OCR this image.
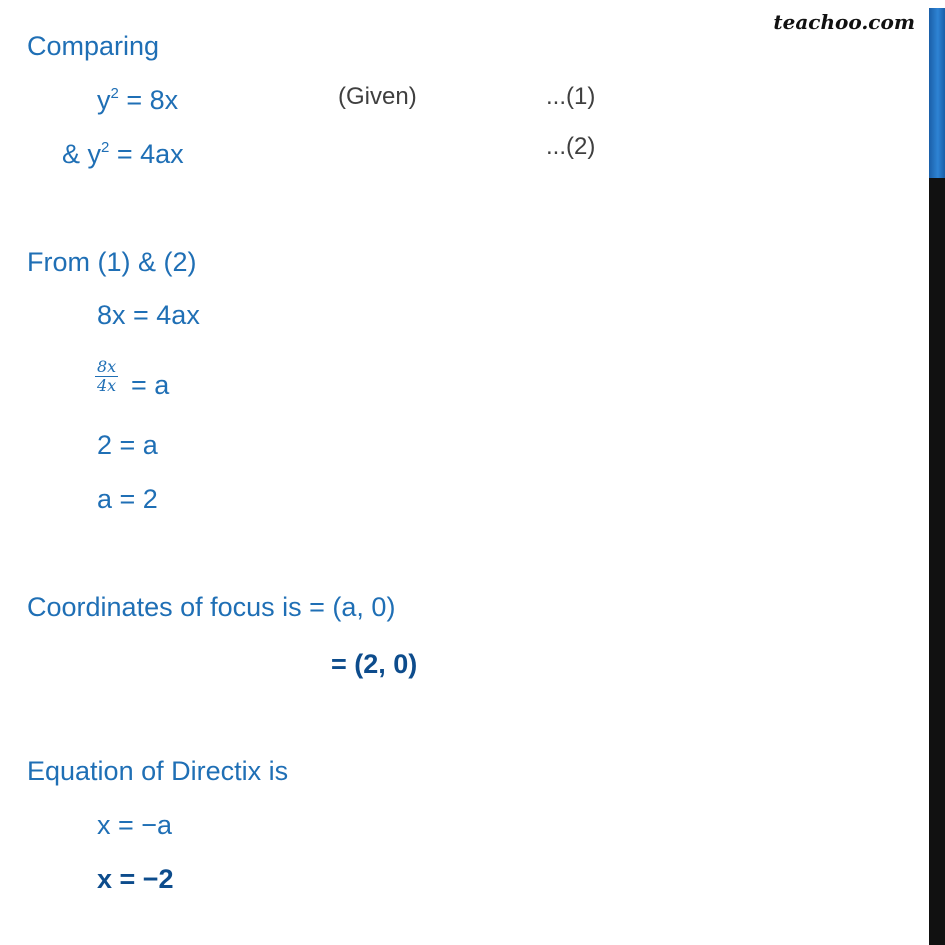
teachoo.com
Comparing
$y^2 = 8x$	(Given)	...(1)
& $y^2 = 4ax$	...(2)
From (1) & (2)
8x = 4ax
$\frac{8x}{4x} = a$
2 = a
a = 2
Coordinates of focus is = (a, 0)
= (2, 0)
Equation of Directix is
x = −a
x = −2
